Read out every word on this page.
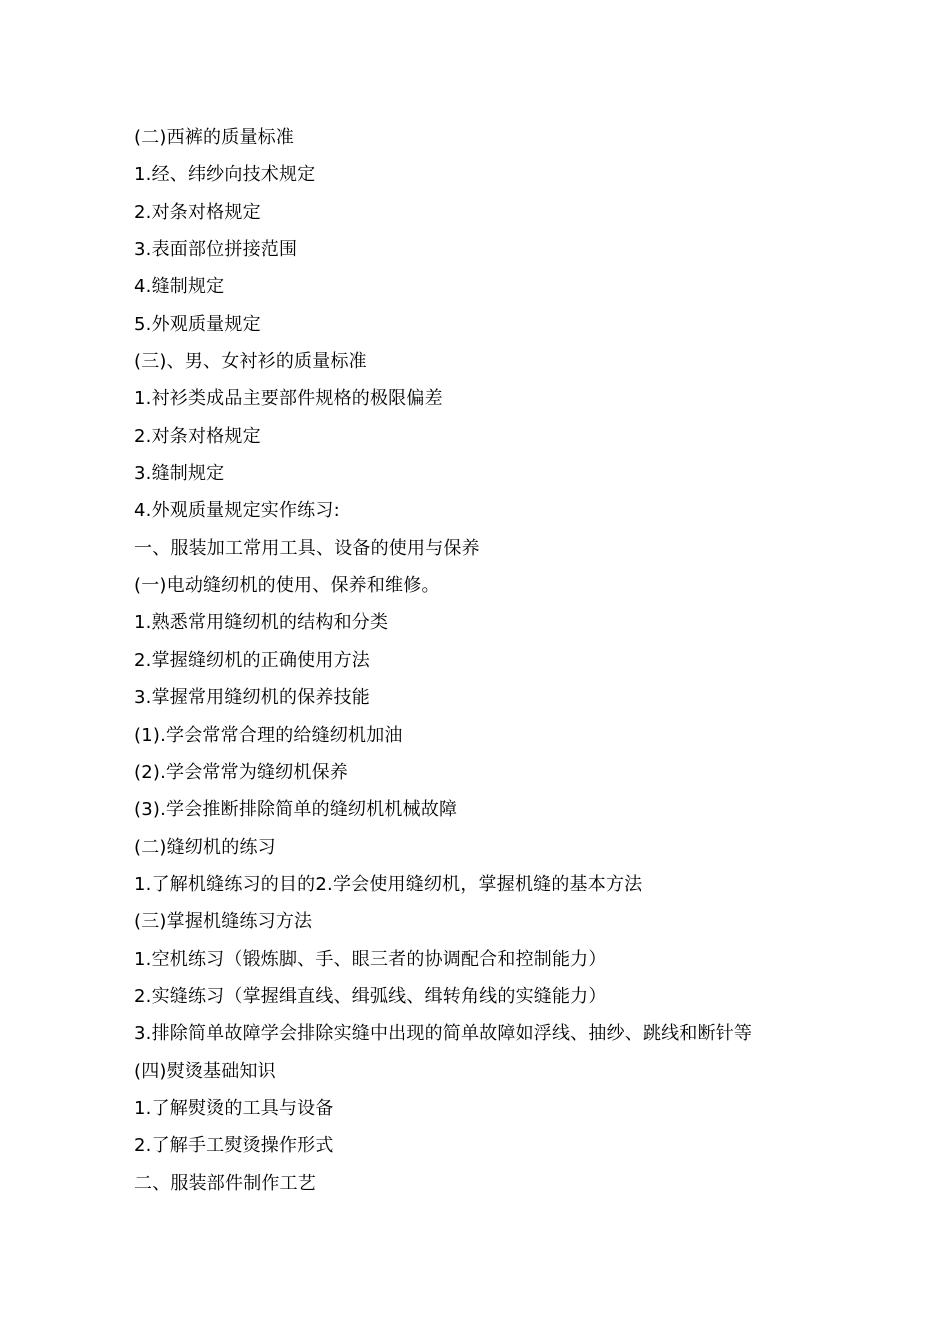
(二)西裤的质量标准
1.经、纬纱向技术规定
2.对条对格规定
3.表面部位拼接范围
4.缝制规定
5.外观质量规定
(三)、男、女衬衫的质量标准
1.衬衫类成品主要部件规格的极限偏差
2.对条对格规定
3.缝制规定
4.外观质量规定实作练习:
一、服装加工常用工具、设备的使用与保养
(一)电动缝纫机的使用、保养和维修。
1.熟悉常用缝纫机的结构和分类
2.掌握缝纫机的正确使用方法
3.掌握常用缝纫机的保养技能
(1).学会常常合理的给缝纫机加油
(2).学会常常为缝纫机保养
(3).学会推断排除简单的缝纫机机械故障
(二)缝纫机的练习
1.了解机缝练习的目的2.学会使用缝纫机，掌握机缝的基本方法
(三)掌握机缝练习方法
1.空机练习（锻炼脚、手、眼三者的协调配合和控制能力）
2.实缝练习（掌握缉直线、缉弧线、缉转角线的实缝能力）
3.排除简单故障学会排除实缝中出现的简单故障如浮线、抽纱、跳线和断针等
(四)熨烫基础知识
1.了解熨烫的工具与设备
2.了解手工熨烫操作形式
二、服装部件制作工艺
